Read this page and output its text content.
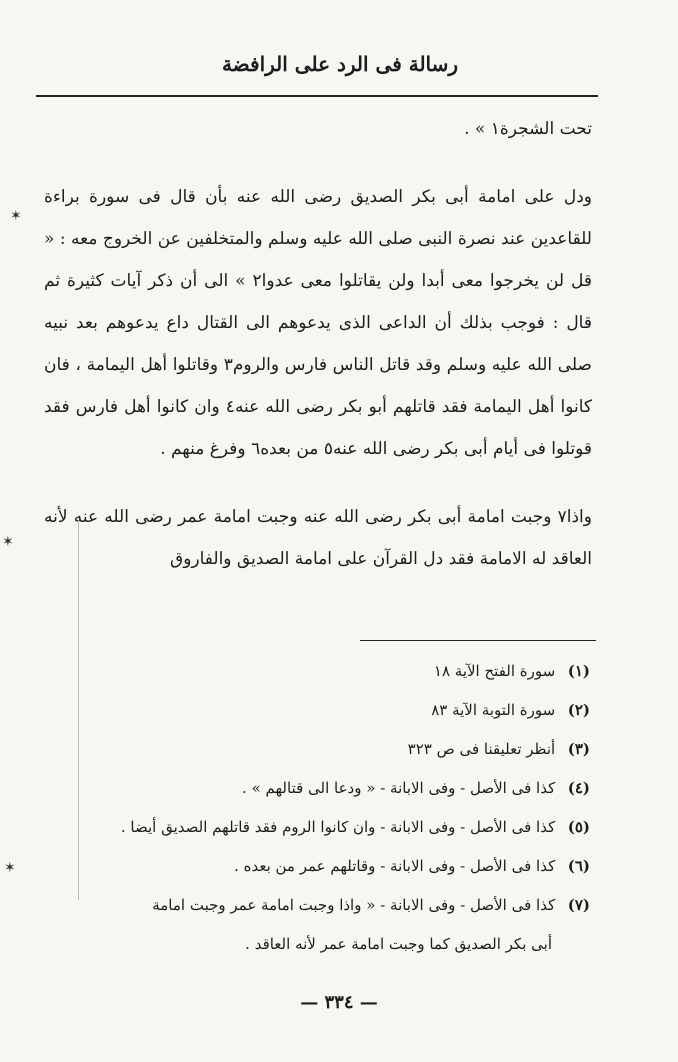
رسالة فى الرد على الرافضة

تحت الشجرة١ » .

ودل على امامة أبى بكر الصديق رضى الله عنه بأن قال فى سورة براءة للقاعدين عند نصرة النبى صلى الله عليه وسلم والمتخلفين عن الخروج معه : « قل لن يخرجوا معى أبدا ولن يقاتلوا معى عدوا٢ » الى أن ذكر آيات كثيرة ثم قال : فوجب بذلك أن الداعى الذى يدعوهم الى القتال داع يدعوهم بعد نبيه صلى الله عليه وسلم وقد قاتل الناس فارس والروم٣ وقاتلوا أهل اليمامة ، فان كانوا أهل اليمامة فقد قاتلهم أبو بكر رضى الله عنه٤ وان كانوا أهل فارس فقد قوتلوا فى أيام أبى بكر رضى الله عنه٥ من بعده٦ وفرغ منهم .

واذا٧ وجبت امامة أبى بكر رضى الله عنه وجبت امامة عمر رضى الله عنه لأنه العاقد له الامامة فقد دل القرآن على امامة الصديق والفاروق

(١) سورة الفتح الآية ١٨
(٢) سورة التوبة الآية ٨٣
(٣) أنظر تعليقنا فى ص ٣٢٣
(٤) كذا فى الأصل - وفى الابانة - « ودعا الى قتالهم » .
(٥) كذا فى الأصل - وفى الابانة - وان كانوا الروم فقد قاتلهم الصديق أيضا .
(٦) كذا فى الأصل - وفى الابانة - وقاتلهم عمر من بعده .
(٧) كذا فى الأصل - وفى الابانة - « واذا وجبت امامة عمر وجبت امامة
أبى بكر الصديق كما وجبت امامة عمر لأنه العاقد .
— ٣٣٤ —
✶
✶
✶
